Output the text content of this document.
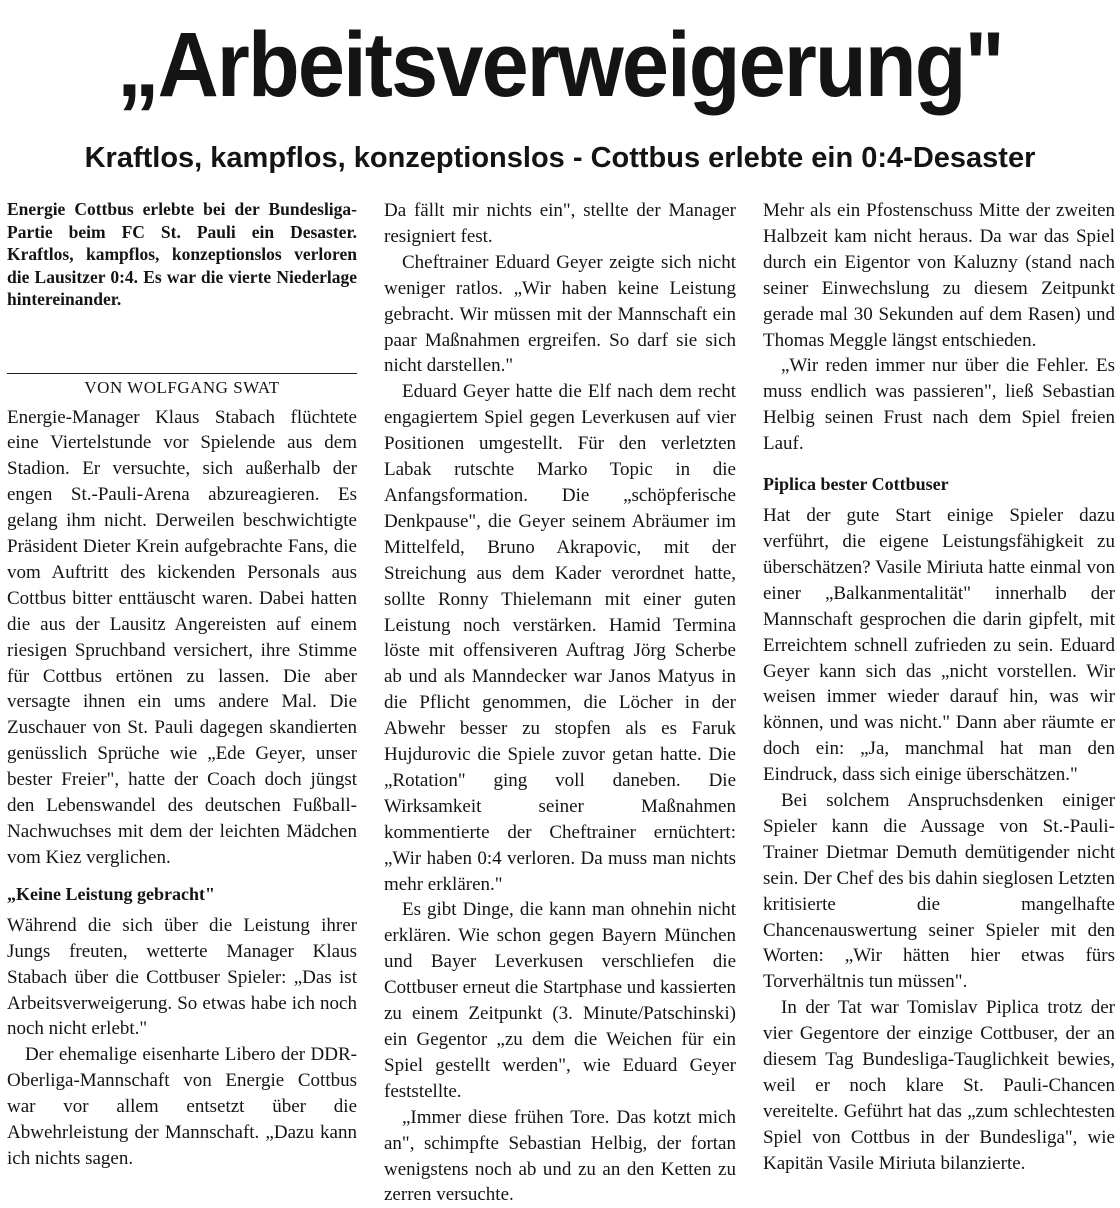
„Arbeitsverweigerung"
Kraftlos, kampflos, konzeptionslos - Cottbus erlebte ein 0:4-Desaster

Energie Cottbus erlebte bei der Bundesliga-Partie beim FC St. Pauli ein Desaster. Kraftlos, kampflos, konzeptionslos verloren die Lausitzer 0:4. Es war die vierte Niederlage hintereinander.

VON WOLFGANG SWAT

Energie-Manager Klaus Stabach flüchtete eine Viertelstunde vor Spielende aus dem Stadion. Er versuchte, sich außerhalb der engen St.-Pauli-Arena abzureagieren. Es gelang ihm nicht. Derweilen beschwichtigte Präsident Dieter Krein aufgebrachte Fans, die vom Auftritt des kickenden Personals aus Cottbus bitter enttäuscht waren. Dabei hatten die aus der Lausitz Angereisten auf einem riesigen Spruchband versichert, ihre Stimme für Cottbus ertönen zu lassen. Die aber versagte ihnen ein ums andere Mal. Die Zuschauer von St. Pauli dagegen skandierten genüsslich Sprüche wie „Ede Geyer, unser bester Freier", hatte der Coach doch jüngst den Lebenswandel des deutschen Fußball-Nachwuchses mit dem der leichten Mädchen vom Kiez verglichen.

„Keine Leistung gebracht"

Während die sich über die Leistung ihrer Jungs freuten, wetterte Manager Klaus Stabach über die Cottbuser Spieler: „Das ist Arbeitsverweigerung. So etwas habe ich noch noch nicht erlebt."

Der ehemalige eisenharte Libero der DDR-Oberliga-Mannschaft von Energie Cottbus war vor allem entsetzt über die Abwehrleistung der Mannschaft. „Dazu kann ich nichts sagen.

Da fällt mir nichts ein", stellte der Manager resigniert fest.

Cheftrainer Eduard Geyer zeigte sich nicht weniger ratlos. „Wir haben keine Leistung gebracht. Wir müssen mit der Mannschaft ein paar Maßnahmen ergreifen. So darf sie sich nicht darstellen."

Eduard Geyer hatte die Elf nach dem recht engagiertem Spiel gegen Leverkusen auf vier Positionen umgestellt. Für den verletzten Labak rutschte Marko Topic in die Anfangsformation. Die „schöpferische Denkpause", die Geyer seinem Abräumer im Mittelfeld, Bruno Akrapovic, mit der Streichung aus dem Kader verordnet hatte, sollte Ronny Thielemann mit einer guten Leistung noch verstärken. Hamid Termina löste mit offensiveren Auftrag Jörg Scherbe ab und als Manndecker war Janos Matyus in die Pflicht genommen, die Löcher in der Abwehr besser zu stopfen als es Faruk Hujdurovic die Spiele zuvor getan hatte. Die „Rotation" ging voll daneben. Die Wirksamkeit seiner Maßnahmen kommentierte der Cheftrainer ernüchtert: „Wir haben 0:4 verloren. Da muss man nichts mehr erklären."

Es gibt Dinge, die kann man ohnehin nicht erklären. Wie schon gegen Bayern München und Bayer Leverkusen verschliefen die Cottbuser erneut die Startphase und kassierten zu einem Zeitpunkt (3. Minute/Patschinski) ein Gegentor „zu dem die Weichen für ein Spiel gestellt werden", wie Eduard Geyer feststellte.

„Immer diese frühen Tore. Das kotzt mich an", schimpfte Sebastian Helbig, der fortan wenigstens noch ab und zu an den Ketten zu zerren versuchte.

Mehr als ein Pfostenschuss Mitte der zweiten Halbzeit kam nicht heraus. Da war das Spiel durch ein Eigentor von Kaluzny (stand nach seiner Einwechslung zu diesem Zeitpunkt gerade mal 30 Sekunden auf dem Rasen) und Thomas Meggle längst entschieden.

„Wir reden immer nur über die Fehler. Es muss endlich was passieren", ließ Sebastian Helbig seinen Frust nach dem Spiel freien Lauf.

Piplica bester Cottbuser

Hat der gute Start einige Spieler dazu verführt, die eigene Leistungsfähigkeit zu überschätzen? Vasile Miriuta hatte einmal von einer „Balkanmentalität" innerhalb der Mannschaft gesprochen die darin gipfelt, mit Erreichtem schnell zufrieden zu sein. Eduard Geyer kann sich das „nicht vorstellen. Wir weisen immer wieder darauf hin, was wir können, und was nicht." Dann aber räumte er doch ein: „Ja, manchmal hat man den Eindruck, dass sich einige überschätzen."

Bei solchem Anspruchsdenken einiger Spieler kann die Aussage von St.-Pauli-Trainer Dietmar Demuth demütigender nicht sein. Der Chef des bis dahin sieglosen Letzten kritisierte die mangelhafte Chancenauswertung seiner Spieler mit den Worten: „Wir hätten hier etwas fürs Torverhältnis tun müssen".

In der Tat war Tomislav Piplica trotz der vier Gegentore der einzige Cottbuser, der an diesem Tag Bundesliga-Tauglichkeit bewies, weil er noch klare St. Pauli-Chancen vereitelte. Geführt hat das „zum schlechtesten Spiel von Cottbus in der Bundesliga", wie Kapitän Vasile Miriuta bilanzierte.
